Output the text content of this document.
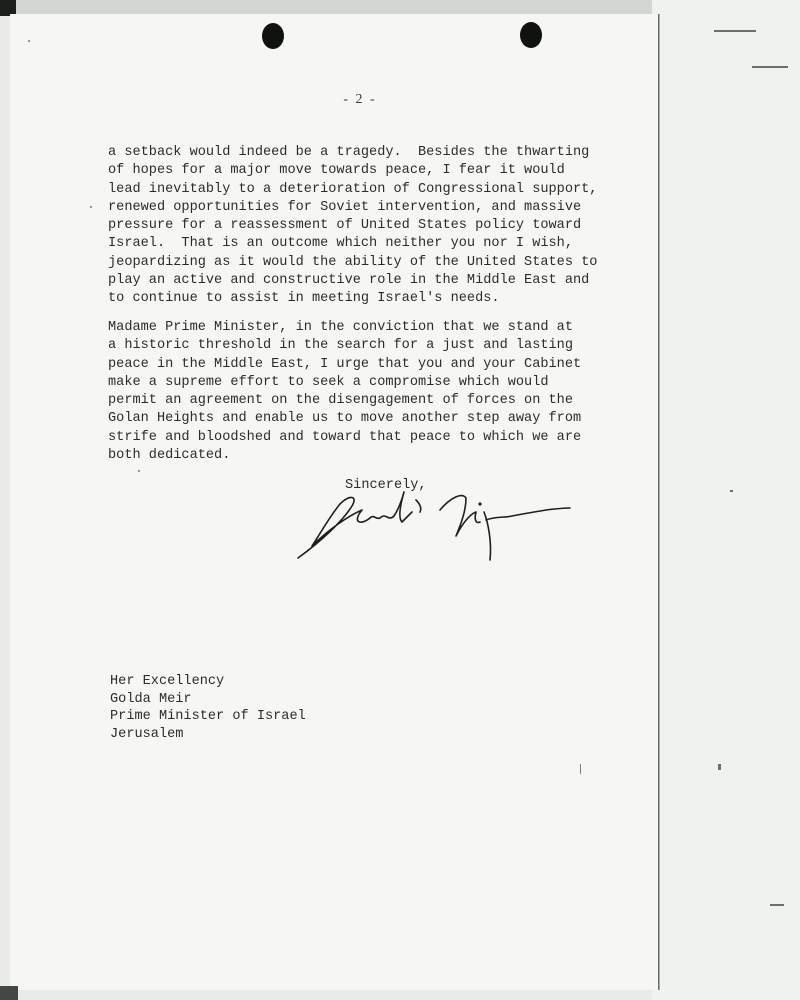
- 2 -
a setback would indeed be a tragedy.  Besides the thwarting
of hopes for a major move towards peace, I fear it would
lead inevitably to a deterioration of Congressional support,
renewed opportunities for Soviet intervention, and massive
pressure for a reassessment of United States policy toward
Israel.  That is an outcome which neither you nor I wish,
jeopardizing as it would the ability of the United States to
play an active and constructive role in the Middle East and
to continue to assist in meeting Israel's needs.
Madame Prime Minister, in the conviction that we stand at
a historic threshold in the search for a just and lasting
peace in the Middle East, I urge that you and your Cabinet
make a supreme effort to seek a compromise which would
permit an agreement on the disengagement of forces on the
Golan Heights and enable us to move another step away from
strife and bloodshed and toward that peace to which we are
both dedicated.
Sincerely,
Her Excellency
Golda Meir
Prime Minister of Israel
Jerusalem
